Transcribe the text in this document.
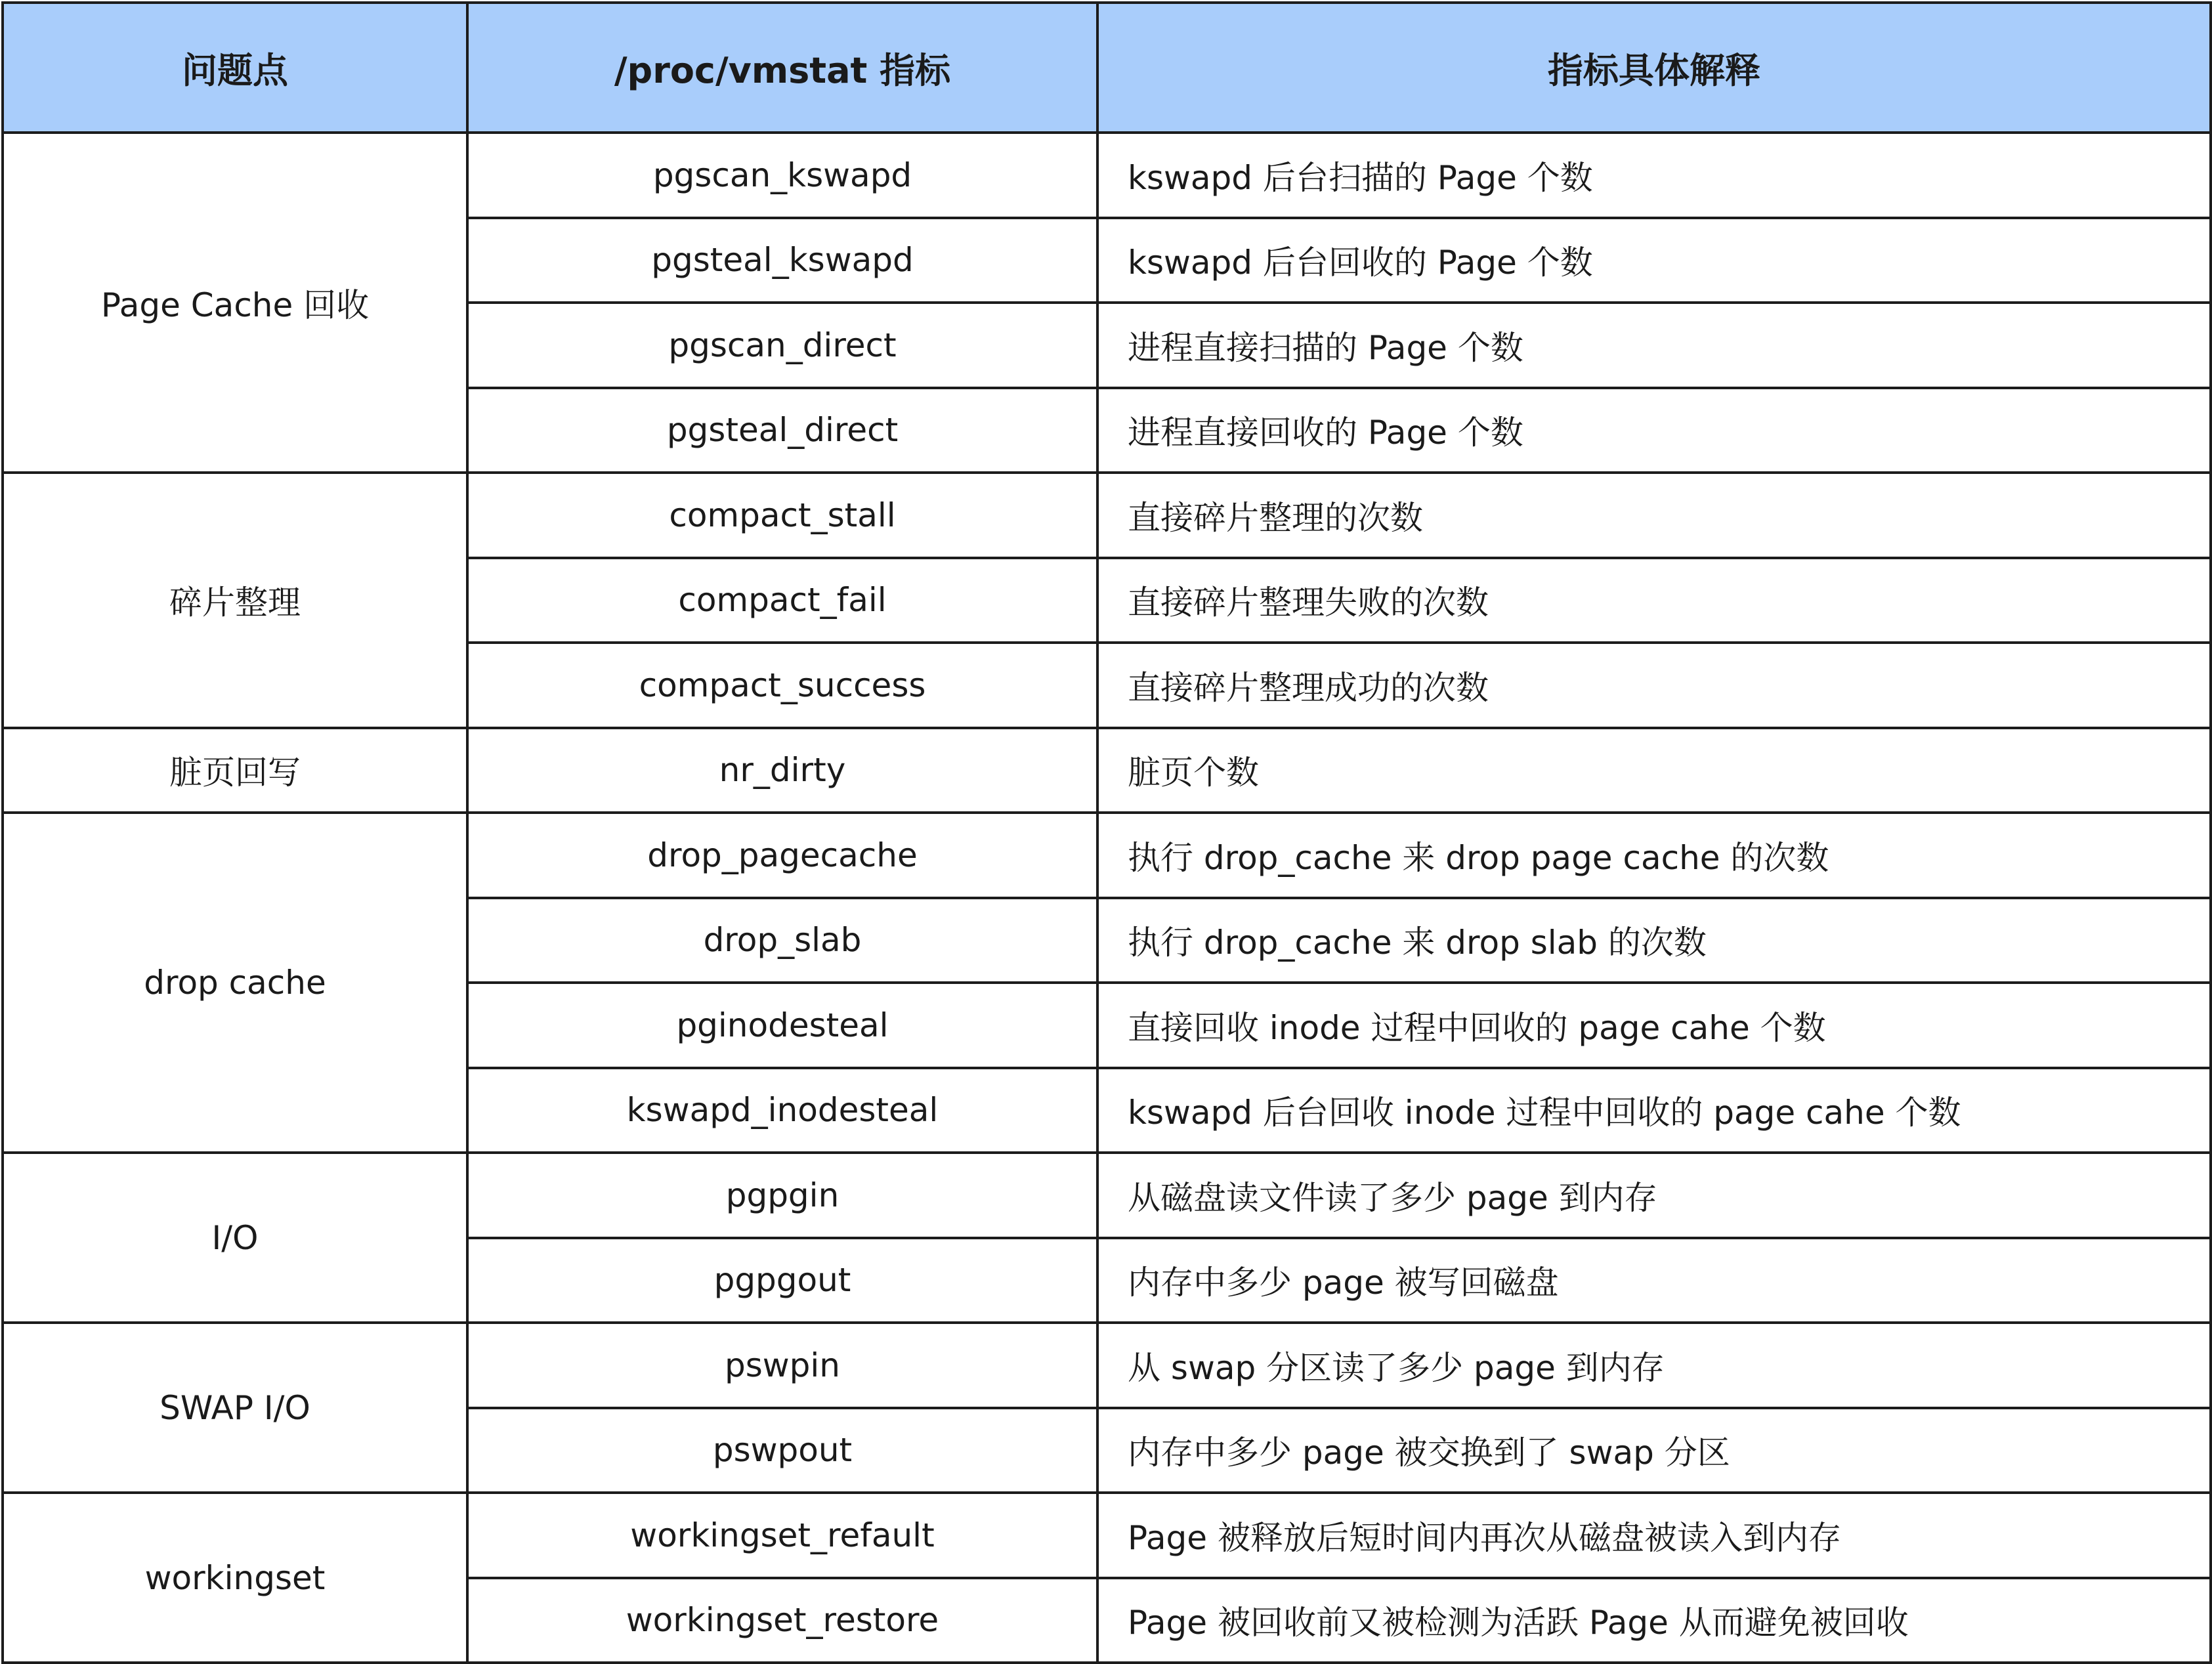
问题点	/proc/vmstat 指标	指标具体解释
Page Cache 回收	pgscan_kswapd	kswapd 后台扫描的 Page 个数
	pgsteal_kswapd	kswapd 后台回收的 Page 个数
	pgscan_direct	进程直接扫描的 Page 个数
	pgsteal_direct	进程直接回收的 Page 个数
碎片整理	compact_stall	直接碎片整理的次数
	compact_fail	直接碎片整理失败的次数
	compact_success	直接碎片整理成功的次数
脏页回写	nr_dirty	脏页个数
drop cache	drop_pagecache	执行 drop_cache 来 drop page cache 的次数
	drop_slab	执行 drop_cache 来 drop slab 的次数
	pginodesteal	直接回收 inode 过程中回收的 page cahe 个数
	kswapd_inodesteal	kswapd 后台回收 inode 过程中回收的 page cahe 个数
I/O	pgpgin	从磁盘读文件读了多少 page 到内存
	pgpgout	内存中多少 page 被写回磁盘
SWAP I/O	pswpin	从 swap 分区读了多少 page 到内存
	pswpout	内存中多少 page 被交换到了 swap 分区
workingset	workingset_refault	Page 被释放后短时间内再次从磁盘被读入到内存
	workingset_restore	Page 被回收前又被检测为活跃 Page 从而避免被回收
